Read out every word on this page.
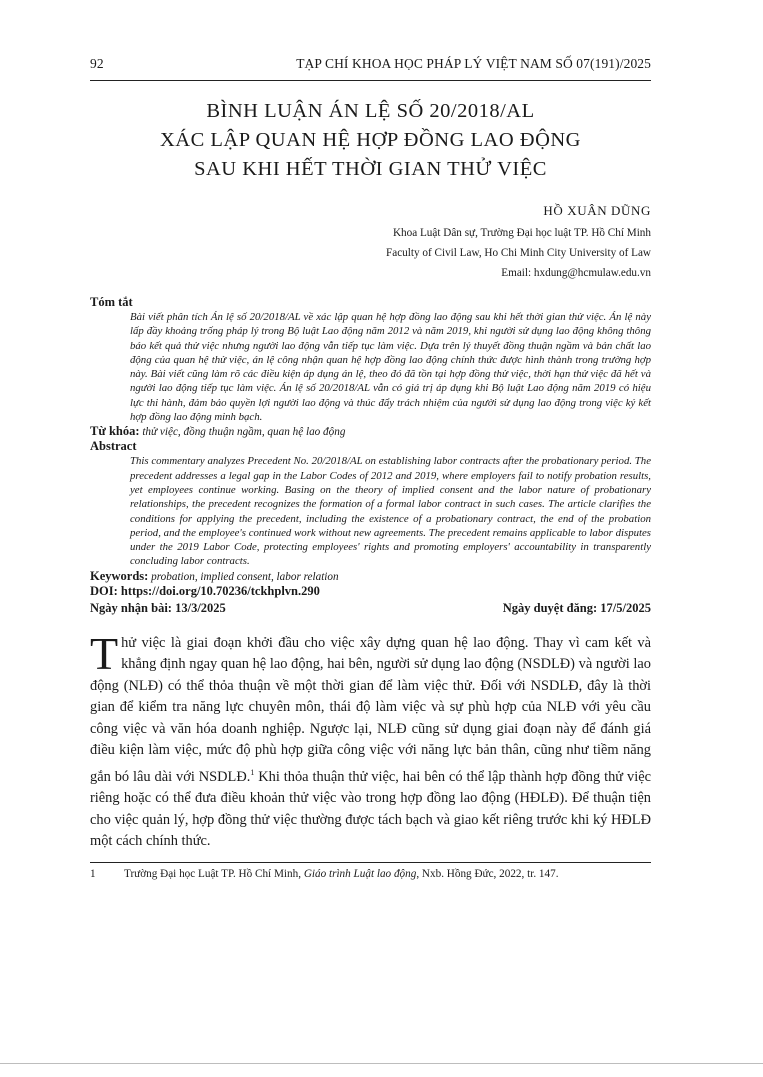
92	TẠP CHÍ KHOA HỌC PHÁP LÝ VIỆT NAM SỐ 07(191)/2025
BÌNH LUẬN ÁN LỆ SỐ 20/2018/AL
XÁC LẬP QUAN HỆ HỢP ĐỒNG LAO ĐỘNG
SAU KHI HẾT THỜI GIAN THỬ VIỆC
HỒ XUÂN DŨNG
Khoa Luật Dân sự, Trường Đại học luật TP. Hồ Chí Minh
Faculty of Civil Law, Ho Chi Minh City University of Law
Email: hxdung@hcmulaw.edu.vn
Tóm tắt
Bài viết phân tích Án lệ số 20/2018/AL về xác lập quan hệ hợp đồng lao động sau khi hết thời gian thử việc. Án lệ này lấp đầy khoảng trống pháp lý trong Bộ luật Lao động năm 2012 và năm 2019, khi người sử dụng lao động không thông báo kết quả thử việc nhưng người lao động vẫn tiếp tục làm việc. Dựa trên lý thuyết đồng thuận ngầm và bản chất lao động của quan hệ thử việc, án lệ công nhận quan hệ hợp đồng lao động chính thức được hình thành trong trường hợp này. Bài viết cũng làm rõ các điều kiện áp dụng án lệ, theo đó đã tồn tại hợp đồng thử việc, thời hạn thử việc đã hết và người lao động tiếp tục làm việc. Án lệ số 20/2018/AL vẫn có giá trị áp dụng khi Bộ luật Lao động năm 2019 có hiệu lực thi hành, đảm bảo quyền lợi người lao động và thúc đẩy trách nhiệm của người sử dụng lao động trong việc ký kết hợp đồng lao động minh bạch.
Từ khóa: thử việc, đồng thuận ngầm, quan hệ lao động
Abstract
This commentary analyzes Precedent No. 20/2018/AL on establishing labor contracts after the probationary period. The precedent addresses a legal gap in the Labor Codes of 2012 and 2019, where employers fail to notify probation results, yet employees continue working. Basing on the theory of implied consent and the labor nature of probationary relationships, the precedent recognizes the formation of a formal labor contract in such cases. The article clarifies the conditions for applying the precedent, including the existence of a probationary contract, the end of the probation period, and the employee's continued work without new agreements. The precedent remains applicable to labor disputes under the 2019 Labor Code, protecting employees' rights and promoting employers' accountability in transparently concluding labor contracts.
Keywords: probation, implied consent, labor relation
DOI: https://doi.org/10.70236/tckhplvn.290
Ngày nhận bài: 13/3/2025	Ngày duyệt đăng: 17/5/2025
Thử việc là giai đoạn khởi đầu cho việc xây dựng quan hệ lao động. Thay vì cam kết và khẳng định ngay quan hệ lao động, hai bên, người sử dụng lao động (NSDLĐ) và người lao động (NLĐ) có thể thỏa thuận về một thời gian để làm việc thử. Đối với NSDLĐ, đây là thời gian để kiểm tra năng lực chuyên môn, thái độ làm việc và sự phù hợp của NLĐ với yêu cầu công việc và văn hóa doanh nghiệp. Ngược lại, NLĐ cũng sử dụng giai đoạn này để đánh giá điều kiện làm việc, mức độ phù hợp giữa công việc với năng lực bản thân, cũng như tiềm năng gắn bó lâu dài với NSDLĐ.$^1$ Khi thỏa thuận thử việc, hai bên có thể lập thành hợp đồng thử việc riêng hoặc có thể đưa điều khoản thử việc vào trong hợp đồng lao động (HĐLĐ). Để thuận tiện cho việc quản lý, hợp đồng thử việc thường được tách bạch và giao kết riêng trước khi ký HĐLĐ một cách chính thức.
1	Trường Đại học Luật TP. Hồ Chí Minh, Giáo trình Luật lao động, Nxb. Hồng Đức, 2022, tr. 147.
